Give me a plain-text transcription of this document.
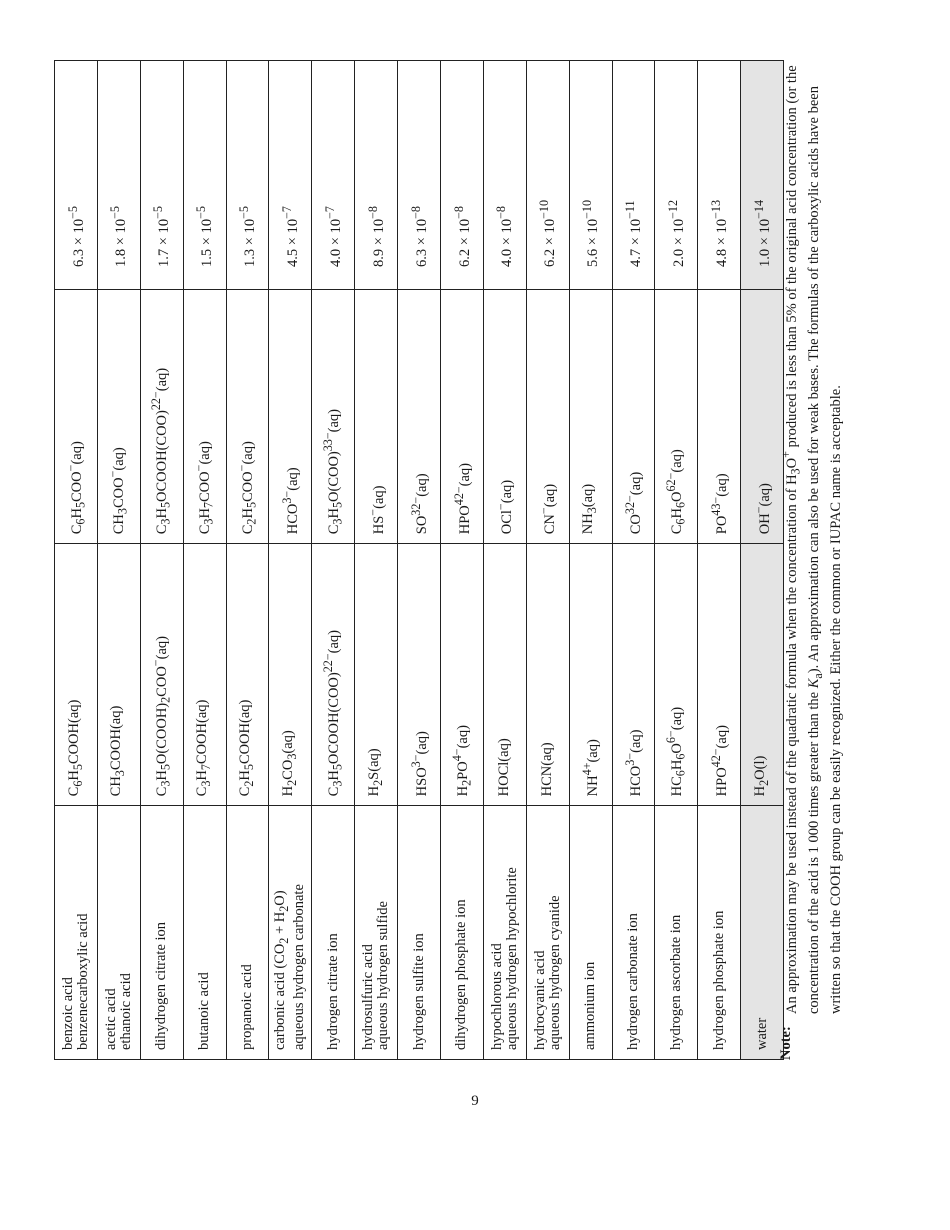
benzoic acid benzenecarboxylic acid	$C_6H_5COOH(aq)$	$C_6H_5COO^-(aq)$	$6.3 \times 10^{-5}$

acetic acid ethanoic acid	$CH_3COOH(aq)$	$CH_3COO^-(aq)$	$1.8 \times 10^{-5}$

dihydrogen citrate ion	$C_3H_5O(COOH)_2COO^-(aq)$	$C_3H_5OCOOH(COO)^{22-}(aq)$	$1.7 \times 10^{-5}$

butanoic acid	$C_3H_7COOH(aq)$	$C_3H_7COO^-(aq)$	$1.5 \times 10^{-5}$

propanoic acid	$C_2H_5COOH(aq)$	$C_2H_5COO^-(aq)$	$1.3 \times 10^{-5}$

carbonic acid $(CO_2 + H_2O)$ aqueous hydrogen carbonate	$H_2CO_3(aq)$	$HCO^{3-}(aq)$	$4.5 \times 10^{-7}$

hydrogen citrate ion	$C_3H_5OCOOH(COO)^{22-}(aq)$	$C_3H_5O(COO)^{33-}(aq)$	$4.0 \times 10^{-7}$

hydrosulfuric acid aqueous hydrogen sulfide	$H_2S(aq)$	HS−(aq)	$8.9 \times 10^{-8}$

hydrogen sulfite ion	$HSO^{3-}(aq)$	$SO^{32-}(aq)$	$6.3 \times 10^{-8}$

dihydrogen phosphate ion	$H_2PO^{4-}(aq)$	$HPO^{42-}(aq)$	$6.2 \times 10^{-8}$

hypochlorous acid aqueous hydrogen hypochlorite	HOCl(aq)	OCl−(aq)	$4.0 \times 10^{-8}$

hydrocyanic acid aqueous hydrogen cyanide	HCN(aq)	CN−(aq)	$6.2 \times 10^{-10}$

ammonium ion	$NH^{4+}(aq)$	$NH_3(aq)$	$5.6 \times 10^{-10}$

hydrogen carbonate ion	$HCO^{3-}(aq)$	$CO^{32-}(aq)$	$4.7 \times 10^{-11}$

hydrogen ascorbate ion	$HC_6H_6O^{6-}(aq)$	$C_6H_6O^{62-}(aq)$	$2.0 \times 10^{-12}$

hydrogen phosphate ion	$HPO^{42-}(aq)$	$PO^{43-}(aq)$	$4.8 \times 10^{-13}$

water	$H_2O(l)$	OH−(aq)	$1.0 \times 10^{-14}$
Note:
An approximation may be used instead of the quadratic formula when the concentration of $H_3O^+$ produced is less than 5% of the original acid concentration (or the concentration of the acid is 1 000 times greater than the $K_a$). An approximation can also be used for weak bases. The formulas of the carboxylic acids have been written so that the COOH group can be easily recognized. Either the common or IUPAC name is acceptable.
9
